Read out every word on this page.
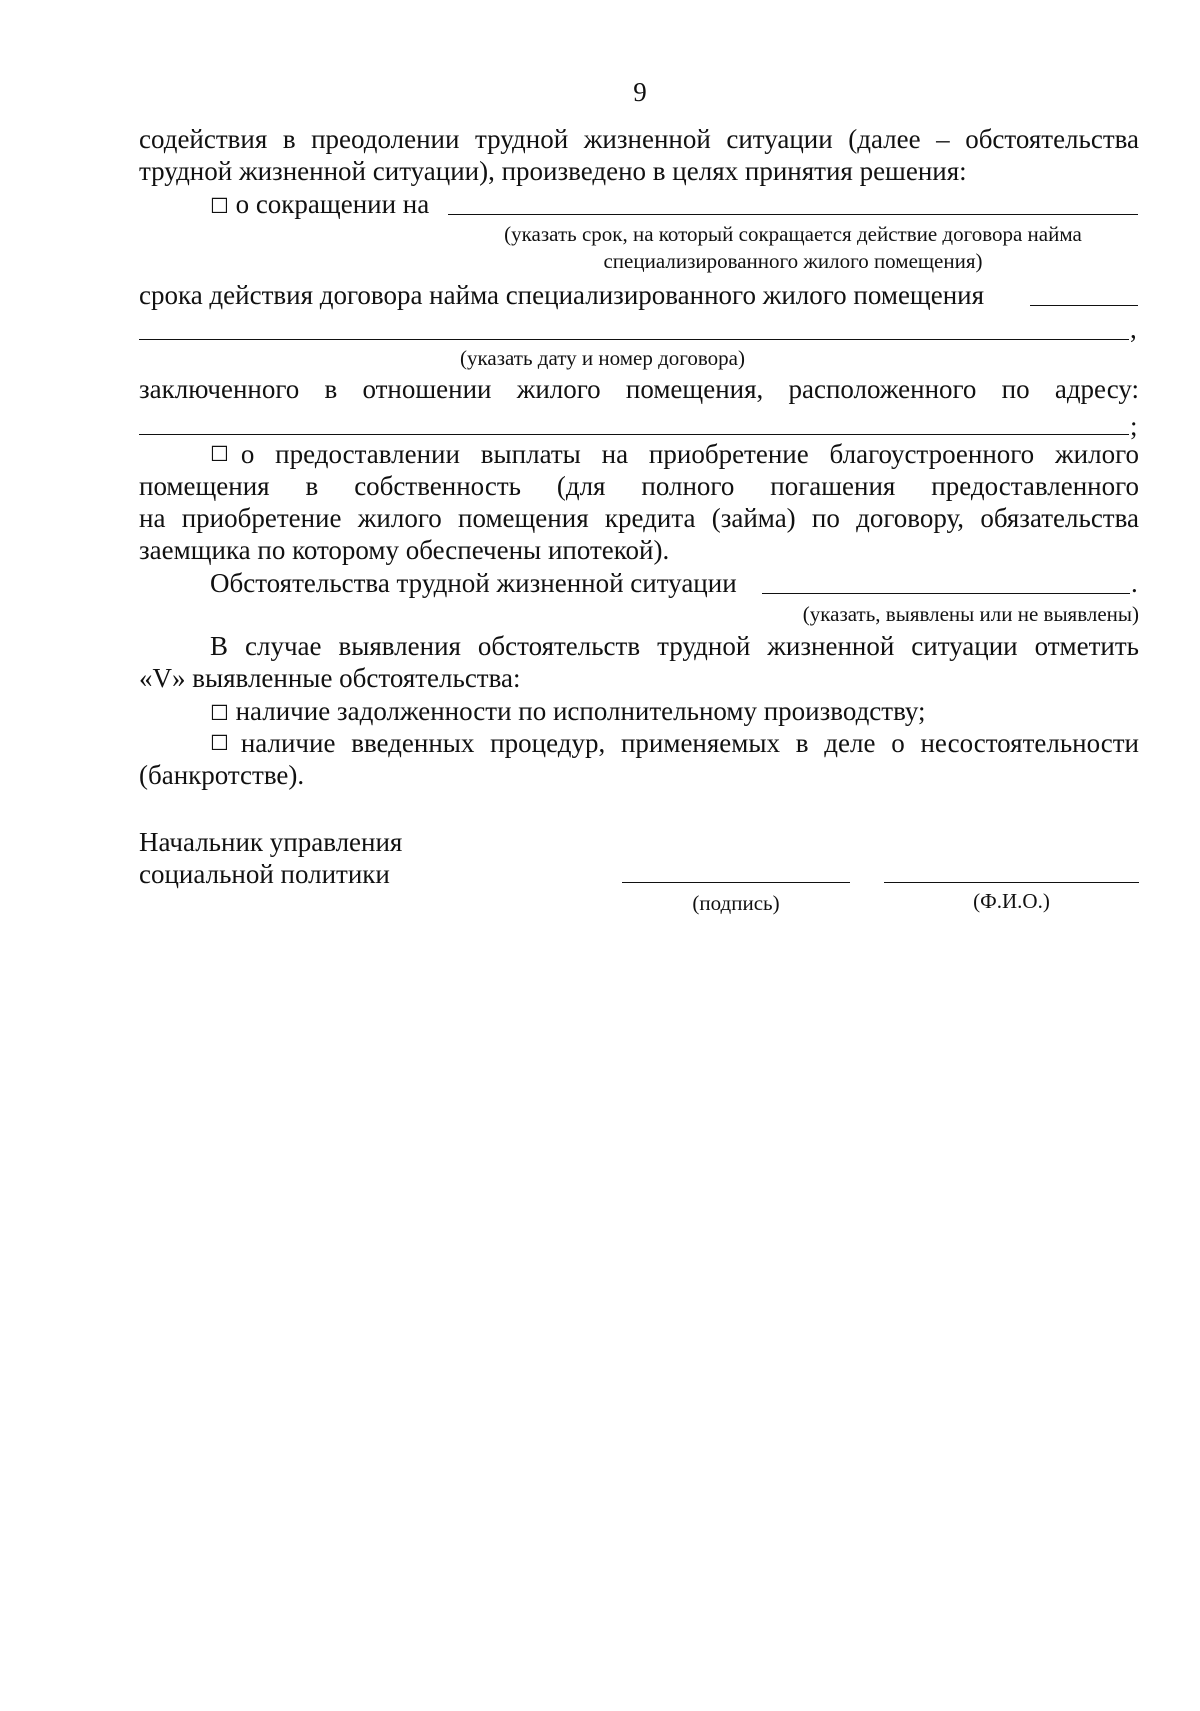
9
содействия в преодолении трудной жизненной ситуации (далее – обстоятельства
трудной жизненной ситуации), произведено в целях принятия решения:
☐ о сокращении на
(указать срок, на который сокращается действие договора найма
специализированного жилого помещения)
срока действия договора найма специализированного жилого помещения
,
(указать дату и номер договора)
заключенного в отношении жилого помещения, расположенного по адресу:
;
☐ о предоставлении выплаты на приобретение благоустроенного жилого
помещения в собственность (для полного погашения предоставленного
на приобретение жилого помещения кредита (займа) по договору, обязательства
заемщика по которому обеспечены ипотекой).
Обстоятельства трудной жизненной ситуации	.
(указать, выявлены или не выявлены)
В случае выявления обстоятельств трудной жизненной ситуации отметить
«V» выявленные обстоятельства:
☐ наличие задолженности по исполнительному производству;
☐ наличие введенных процедур, применяемых в деле о несостоятельности
(банкротстве).
Начальник управления
социальной политики
(подпись)	(Ф.И.О.)
